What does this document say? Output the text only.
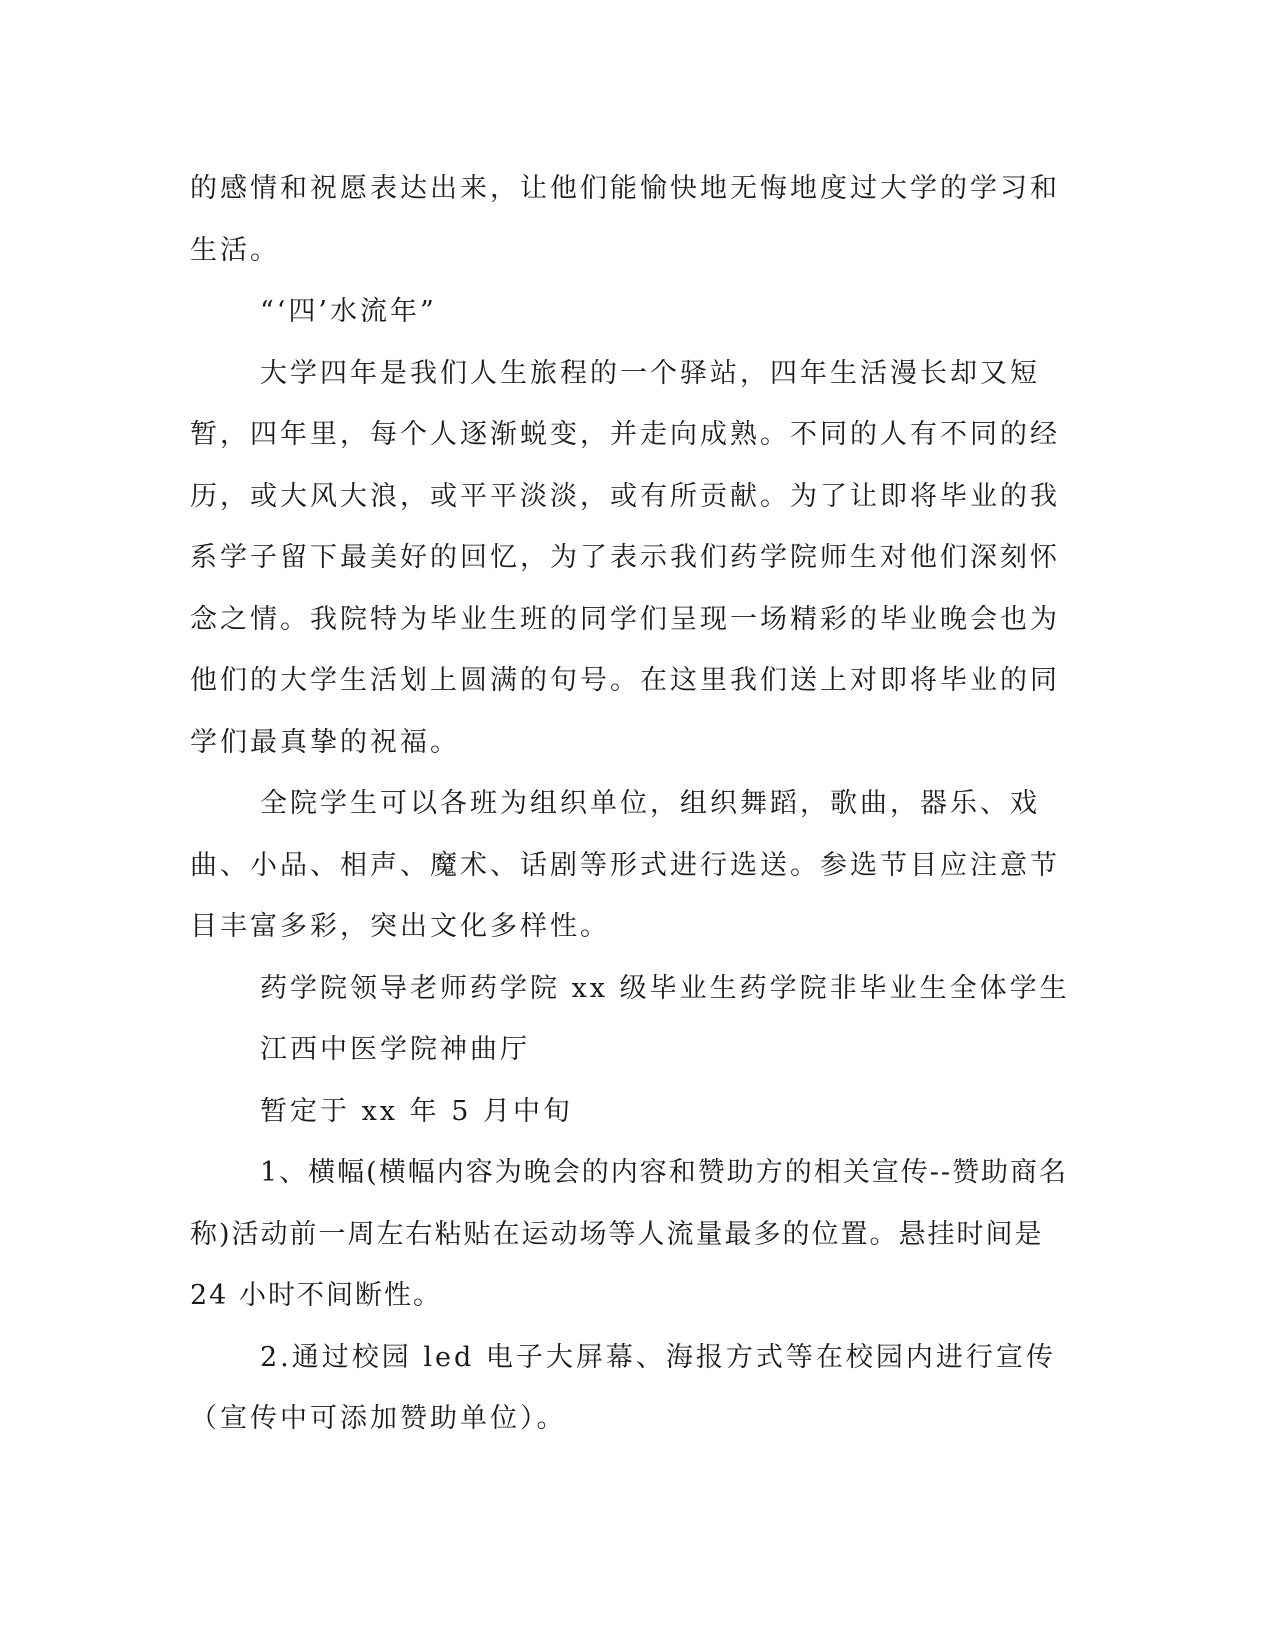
的感情和祝愿表达出来，让他们能愉快地无悔地度过大学的学习和生活。

“‘四’水流年”

大学四年是我们人生旅程的一个驿站，四年生活漫长却又短暂，四年里，每个人逐渐蜕变，并走向成熟。不同的人有不同的经历，或大风大浪，或平平淡淡，或有所贡献。为了让即将毕业的我系学子留下最美好的回忆，为了表示我们药学院师生对他们深刻怀念之情。我院特为毕业生班的同学们呈现一场精彩的毕业晚会也为他们的大学生活划上圆满的句号。在这里我们送上对即将毕业的同学们最真挚的祝福。

全院学生可以各班为组织单位，组织舞蹈，歌曲，器乐、戏曲、小品、相声、魔术、话剧等形式进行选送。参选节目应注意节目丰富多彩，突出文化多样性。

药学院领导老师药学院 xx 级毕业生药学院非毕业生全体学生

江西中医学院神曲厅

暂定于 xx 年 5 月中旬

1、横幅(横幅内容为晚会的内容和赞助方的相关宣传--赞助商名称)活动前一周左右粘贴在运动场等人流量最多的位置。悬挂时间是 24 小时不间断性。

2.通过校园 led 电子大屏幕、海报方式等在校园内进行宣传（宣传中可添加赞助单位）。
